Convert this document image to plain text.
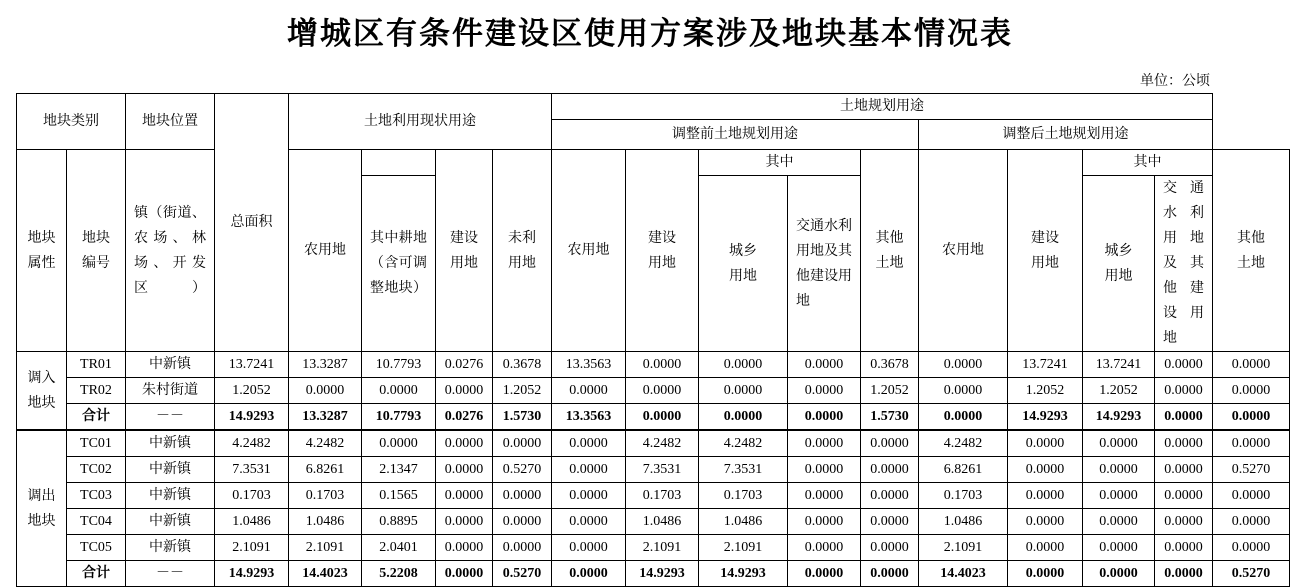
增城区有条件建设区使用方案涉及地块基本情况表
单位：公顷
地块类别		地块位置	总面积	土地利用现状用途				土地规划用途									
								调整前土地规划用途					调整后土地规划用途				

地块属性	地块编号	镇（街道、农场、林场、开发区）		农用地		建设用地	未利用地	农用地	建设用地	其中		其他土地	农用地	建设用地	其中		其他土地

										城乡用地	交通水利用地及其他建设用地				城乡用地	交通水利用地及其他建设用地	
					其中耕地（含可调整地块）												

调入地块	TR01	中新镇	13.7241	13.3287	10.7793	0.0276	0.3678	13.3563	0.0000	0.0000	0.0000	0.3678	0.0000	13.7241	13.7241	0.0000	0.0000
	TR02	朱村街道	1.2052	0.0000	0.0000	0.0000	1.2052	0.0000	0.0000	0.0000	0.0000	1.2052	0.0000	1.2052	1.2052	0.0000	0.0000
	合计	－－	14.9293	13.3287	10.7793	0.0276	1.5730	13.3563	0.0000	0.0000	0.0000	1.5730	0.0000	14.9293	14.9293	0.0000	0.0000

调出地块	TC01	中新镇	4.2482	4.2482	0.0000	0.0000	0.0000	0.0000	4.2482	4.2482	0.0000	0.0000	4.2482	0.0000	0.0000	0.0000	0.0000
	TC02	中新镇	7.3531	6.8261	2.1347	0.0000	0.5270	0.0000	7.3531	7.3531	0.0000	0.0000	6.8261	0.0000	0.0000	0.0000	0.5270
	TC03	中新镇	0.1703	0.1703	0.1565	0.0000	0.0000	0.0000	0.1703	0.1703	0.0000	0.0000	0.1703	0.0000	0.0000	0.0000	0.0000
	TC04	中新镇	1.0486	1.0486	0.8895	0.0000	0.0000	0.0000	1.0486	1.0486	0.0000	0.0000	1.0486	0.0000	0.0000	0.0000	0.0000
	TC05	中新镇	2.1091	2.1091	2.0401	0.0000	0.0000	0.0000	2.1091	2.1091	0.0000	0.0000	2.1091	0.0000	0.0000	0.0000	0.0000
	合计	－－	14.9293	14.4023	5.2208	0.0000	0.5270	0.0000	14.9293	14.9293	0.0000	0.0000	14.4023	0.0000	0.0000	0.0000	0.5270
